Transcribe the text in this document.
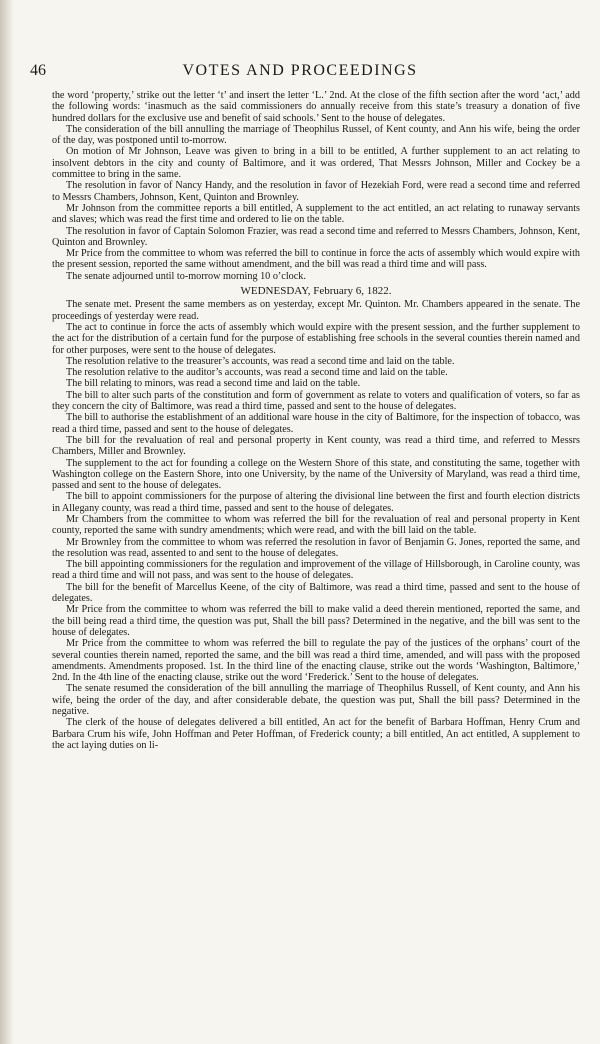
46	VOTES AND PROCEEDINGS

the word ‘property,’ strike out the letter ‘t’ and insert the letter ‘L.’ 2nd. At the close of the fifth section after the word ‘act,’ add the following words: ‘inasmuch as the said commissioners do annually receive from this state’s treasury a donation of five hundred dollars for the exclusive use and benefit of said schools.’ Sent to the house of delegates.

The consideration of the bill annulling the marriage of Theophilus Russel, of Kent county, and Ann his wife, being the order of the day, was postponed until to-morrow.

On motion of Mr Johnson, Leave was given to bring in a bill to be entitled, A further supplement to an act relating to insolvent debtors in the city and county of Baltimore, and it was ordered, That Messrs Johnson, Miller and Cockey be a committee to bring in the same.

The resolution in favor of Nancy Handy, and the resolution in favor of Hezekiah Ford, were read a second time and referred to Messrs Chambers, Johnson, Kent, Quinton and Brownley.

Mr Johnson from the committee reports a bill entitled, A supplement to the act entitled, an act relating to runaway servants and slaves; which was read the first time and ordered to lie on the table.

The resolution in favor of Captain Solomon Frazier, was read a second time and referred to Messrs Chambers, Johnson, Kent, Quinton and Brownley.

Mr Price from the committee to whom was referred the bill to continue in force the acts of assembly which would expire with the present session, reported the same without amendment, and the bill was read a third time and will pass.

The senate adjourned until to-morrow morning 10 o’clock.

WEDNESDAY, February 6, 1822.

The senate met. Present the same members as on yesterday, except Mr. Quinton. Mr. Chambers appeared in the senate. The proceedings of yesterday were read.

The act to continue in force the acts of assembly which would expire with the present session, and the further supplement to the act for the distribution of a certain fund for the purpose of establishing free schools in the several counties therein named and for other purposes, were sent to the house of delegates.

The resolution relative to the treasurer’s accounts, was read a second time and laid on the table.

The resolution relative to the auditor’s accounts, was read a second time and laid on the table.

The bill relating to minors, was read a second time and laid on the table.

The bill to alter such parts of the constitution and form of government as relate to voters and qualification of voters, so far as they concern the city of Baltimore, was read a third time, passed and sent to the house of delegates.

The bill to authorise the establishment of an additional ware house in the city of Baltimore, for the inspection of tobacco, was read a third time, passed and sent to the house of delegates.

The bill for the revaluation of real and personal property in Kent county, was read a third time, and referred to Messrs Chambers, Miller and Brownley.

The supplement to the act for founding a college on the Western Shore of this state, and constituting the same, together with Washington college on the Eastern Shore, into one University, by the name of the University of Maryland, was read a third time, passed and sent to the house of delegates.

The bill to appoint commissioners for the purpose of altering the divisional line between the first and fourth election districts in Allegany county, was read a third time, passed and sent to the house of delegates.

Mr Chambers from the committee to whom was referred the bill for the revaluation of real and personal property in Kent county, reported the same with sundry amendments; which were read, and with the bill laid on the table.

Mr Brownley from the committee to whom was referred the resolution in favor of Benjamin G. Jones, reported the same, and the resolution was read, assented to and sent to the house of delegates.

The bill appointing commissioners for the regulation and improvement of the village of Hillsborough, in Caroline county, was read a third time and will not pass, and was sent to the house of delegates.

The bill for the benefit of Marcellus Keene, of the city of Baltimore, was read a third time, passed and sent to the house of delegates.

Mr Price from the committee to whom was referred the bill to make valid a deed therein mentioned, reported the same, and the bill being read a third time, the question was put, Shall the bill pass? Determined in the negative, and the bill was sent to the house of delegates.

Mr Price from the committee to whom was referred the bill to regulate the pay of the justices of the orphans’ court of the several counties therein named, reported the same, and the bill was read a third time, amended, and will pass with the proposed amendments. Amendments proposed. 1st. In the third line of the enacting clause, strike out the words ‘Washington, Baltimore,’ 2nd. In the 4th line of the enacting clause, strike out the word ‘Frederick.’ Sent to the house of delegates.

The senate resumed the consideration of the bill annulling the marriage of Theophilus Russell, of Kent county, and Ann his wife, being the order of the day, and after considerable debate, the question was put, Shall the bill pass? Determined in the negative.

The clerk of the house of delegates delivered a bill entitled, An act for the benefit of Barbara Hoffman, Henry Crum and Barbara Crum his wife, John Hoffman and Peter Hoffman, of Frederick county; a bill entitled, An act entitled, A supplement to the act laying duties on li-
